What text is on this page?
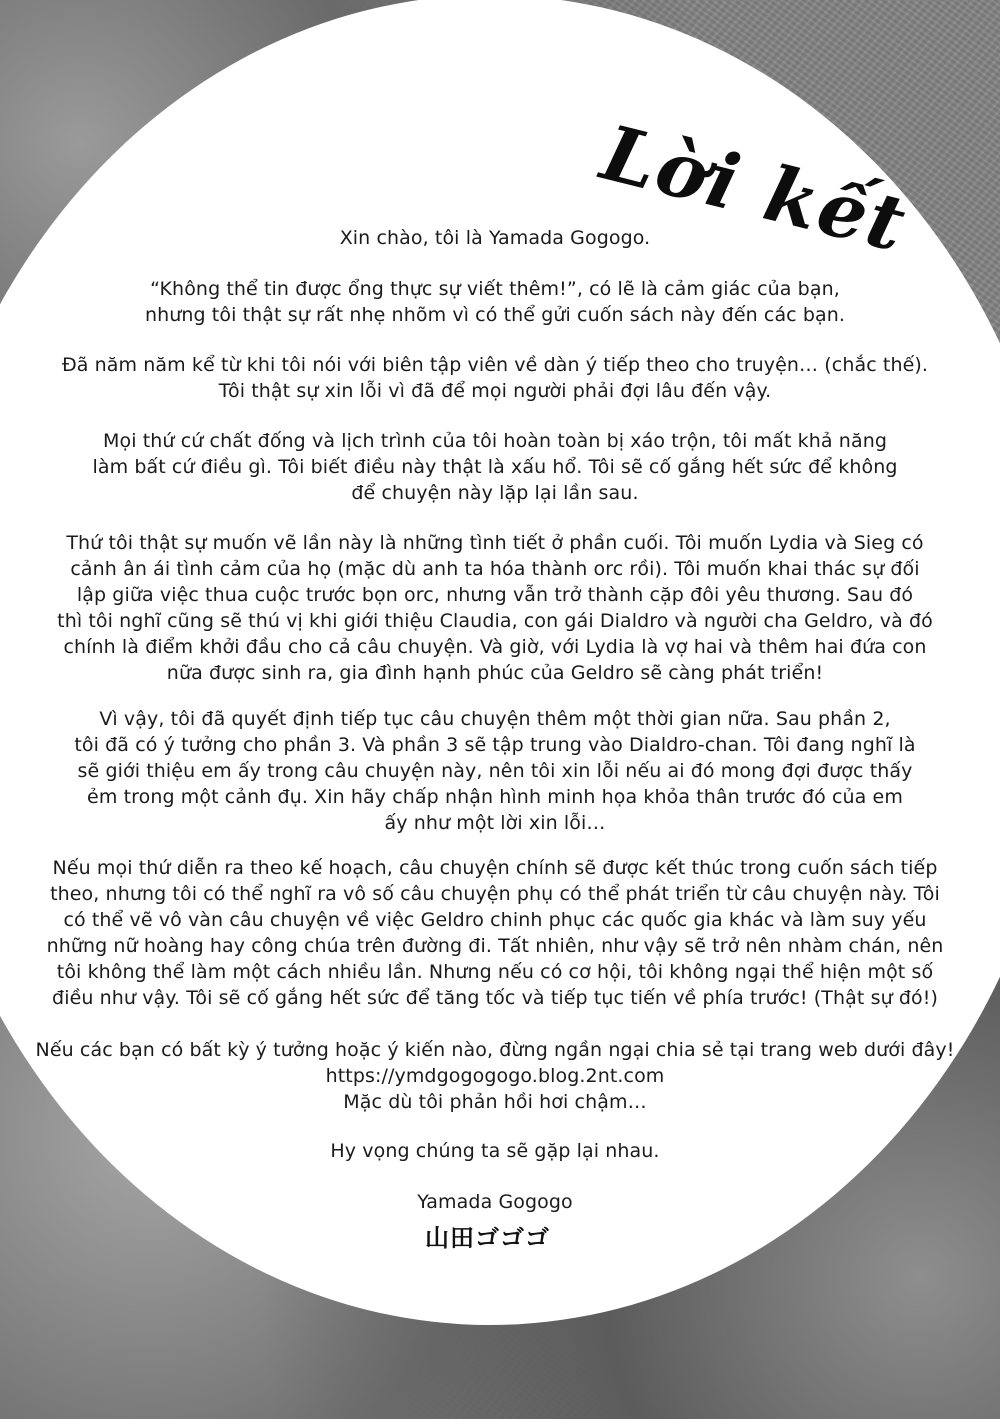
Lời kết

Xin chào, tôi là Yamada Gogogo.

“Không thể tin được ổng thực sự viết thêm!”, có lẽ là cảm giác của bạn,
nhưng tôi thật sự rất nhẹ nhõm vì có thể gửi cuốn sách này đến các bạn.

Đã năm năm kể từ khi tôi nói với biên tập viên về dàn ý tiếp theo cho truyện… (chắc thế).
Tôi thật sự xin lỗi vì đã để mọi người phải đợi lâu đến vậy.

Mọi thứ cứ chất đống và lịch trình của tôi hoàn toàn bị xáo trộn, tôi mất khả năng
làm bất cứ điều gì. Tôi biết điều này thật là xấu hổ. Tôi sẽ cố gắng hết sức để không
để chuyện này lặp lại lần sau.

Thứ tôi thật sự muốn vẽ lần này là những tình tiết ở phần cuối. Tôi muốn Lydia và Sieg có
cảnh ân ái tình cảm của họ (mặc dù anh ta hóa thành orc rồi). Tôi muốn khai thác sự đối
lập giữa việc thua cuộc trước bọn orc, nhưng vẫn trở thành cặp đôi yêu thương. Sau đó
thì tôi nghĩ cũng sẽ thú vị khi giới thiệu Claudia, con gái Dialdro và người cha Geldro, và đó
chính là điểm khởi đầu cho cả câu chuyện. Và giờ, với Lydia là vợ hai và thêm hai đứa con
nữa được sinh ra, gia đình hạnh phúc của Geldro sẽ càng phát triển!

Vì vậy, tôi đã quyết định tiếp tục câu chuyện thêm một thời gian nữa. Sau phần 2,
tôi đã có ý tưởng cho phần 3. Và phần 3 sẽ tập trung vào Dialdro-chan. Tôi đang nghĩ là
sẽ giới thiệu em ấy trong câu chuyện này, nên tôi xin lỗi nếu ai đó mong đợi được thấy
ẻm trong một cảnh đụ. Xin hãy chấp nhận hình minh họa khỏa thân trước đó của em
ấy như một lời xin lỗi…

Nếu mọi thứ diễn ra theo kế hoạch, câu chuyện chính sẽ được kết thúc trong cuốn sách tiếp
theo, nhưng tôi có thể nghĩ ra vô số câu chuyện phụ có thể phát triển từ câu chuyện này. Tôi
có thể vẽ vô vàn câu chuyện về việc Geldro chinh phục các quốc gia khác và làm suy yếu
những nữ hoàng hay công chúa trên đường đi. Tất nhiên, như vậy sẽ trở nên nhàm chán, nên
tôi không thể làm một cách nhiều lần. Nhưng nếu có cơ hội, tôi không ngại thể hiện một số
điều như vậy. Tôi sẽ cố gắng hết sức để tăng tốc và tiếp tục tiến về phía trước! (Thật sự đó!)

Nếu các bạn có bất kỳ ý tưởng hoặc ý kiến nào, đừng ngần ngại chia sẻ tại trang web dưới đây!
https://ymdgogogogo.blog.2nt.com
Mặc dù tôi phản hồi hơi chậm…

Hy vọng chúng ta sẽ gặp lại nhau.

Yamada Gogogo

山田ゴゴゴ
